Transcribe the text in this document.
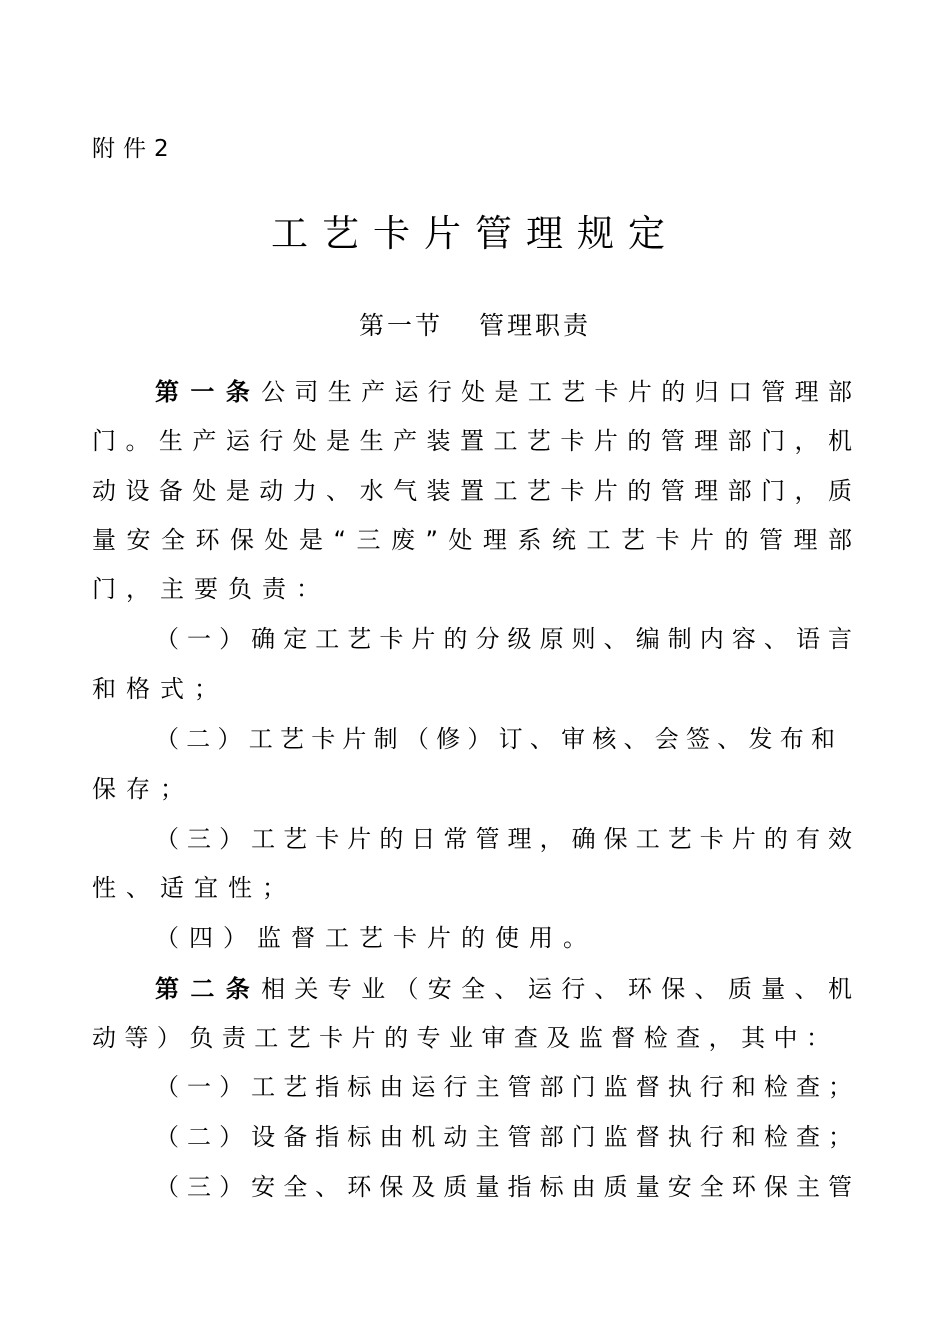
附件2
工艺卡片管理规定
第一节 管理职责
第一条公司生产运行处是工艺卡片的归口管理部
门。生产运行处是生产装置工艺卡片的管理部门，机
动设备处是动力、水气装置工艺卡片的管理部门，质
量安全环保处是“三废”处理系统工艺卡片的管理部
门，主要负责：
（一）确定工艺卡片的分级原则、编制内容、语言
和格式；
（二）工艺卡片制（修）订、审核、会签、发布和
保存；
（三）工艺卡片的日常管理，确保工艺卡片的有效
性、适宜性；
（四）监督工艺卡片的使用。
第二条相关专业（安全、运行、环保、质量、机
动等）负责工艺卡片的专业审查及监督检查，其中：
（一）工艺指标由运行主管部门监督执行和检查；
（二）设备指标由机动主管部门监督执行和检查；
（三）安全、环保及质量指标由质量安全环保主管
